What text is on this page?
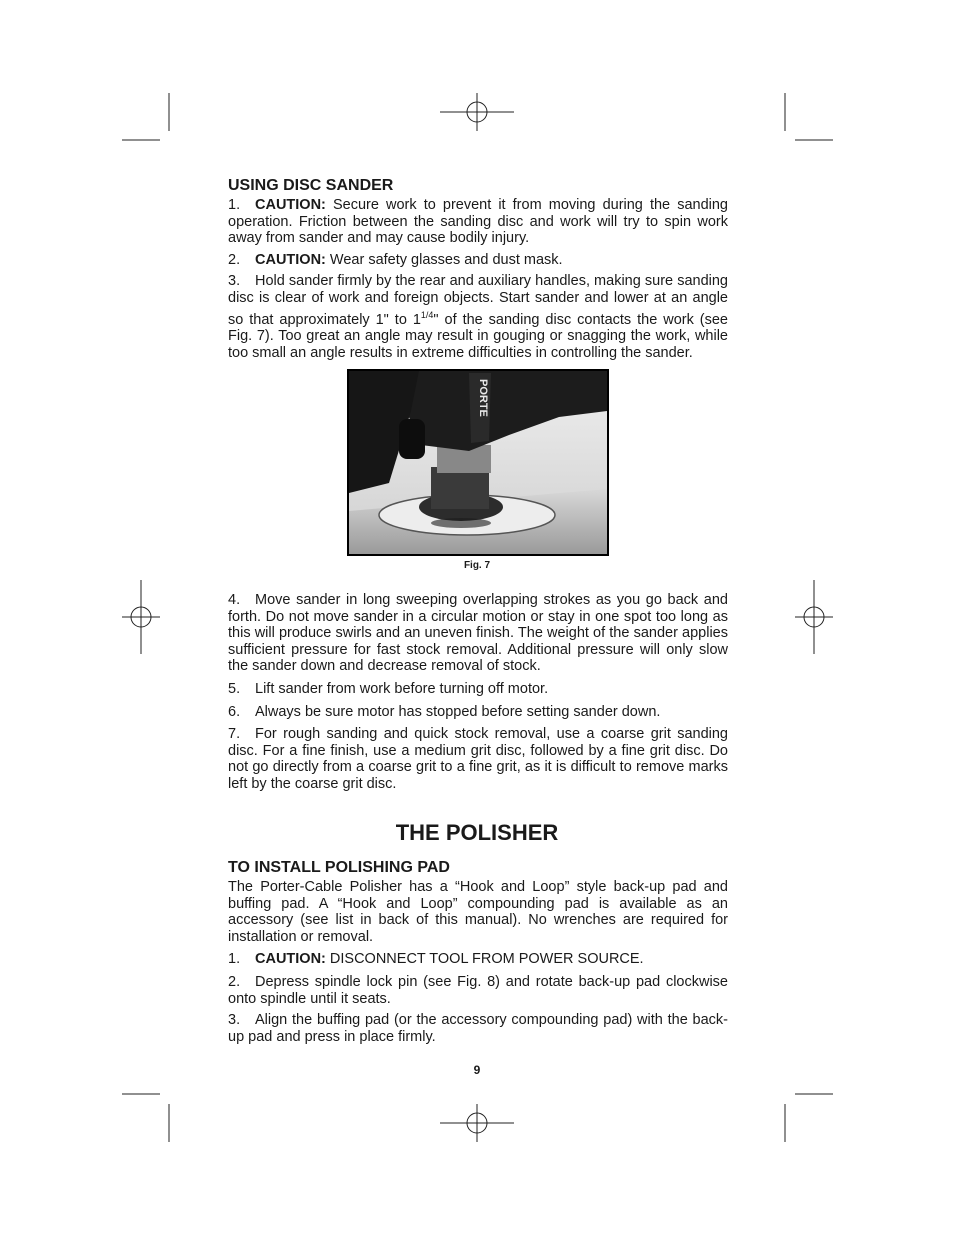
USING DISC SANDER

1. CAUTION: Secure work to prevent it from moving during the sanding operation. Friction between the sanding disc and work will try to spin work away from sander and may cause bodily injury.

2. CAUTION: Wear safety glasses and dust mask.

3. Hold sander firmly by the rear and auxiliary handles, making sure sanding disc is clear of work and foreign objects. Start sander and lower at an angle so that approximately 1" to $1^{1/4}$" of the sanding disc contacts the work (see Fig. 7). Too great an angle may result in gouging or snagging the work, while too small an angle results in extreme difficulties in controlling the sander.

PORTE
Fig. 7

4. Move sander in long sweeping overlapping strokes as you go back and forth. Do not move sander in a circular motion or stay in one spot too long as this will produce swirls and an uneven finish. The weight of the sander applies sufficient pressure for fast stock removal. Additional pressure will only slow the sander down and decrease removal of stock.

5. Lift sander from work before turning off motor.

6. Always be sure motor has stopped before setting sander down.

7. For rough sanding and quick stock removal, use a coarse grit sanding disc. For a fine finish, use a medium grit disc, followed by a fine grit disc. Do not go directly from a coarse grit to a fine grit, as it is difficult to remove marks left by the coarse grit disc.

THE POLISHER

TO INSTALL POLISHING PAD

The Porter-Cable Polisher has a “Hook and Loop” style back-up pad and buffing pad. A “Hook and Loop” compounding pad is available as an accessory (see list in back of this manual). No wrenches are required for installation or removal.

1. CAUTION: DISCONNECT TOOL FROM POWER SOURCE.

2. Depress spindle lock pin (see Fig. 8) and rotate back-up pad clockwise onto spindle until it seats.

3. Align the buffing pad (or the accessory compounding pad) with the back-up pad and press in place firmly.

9
